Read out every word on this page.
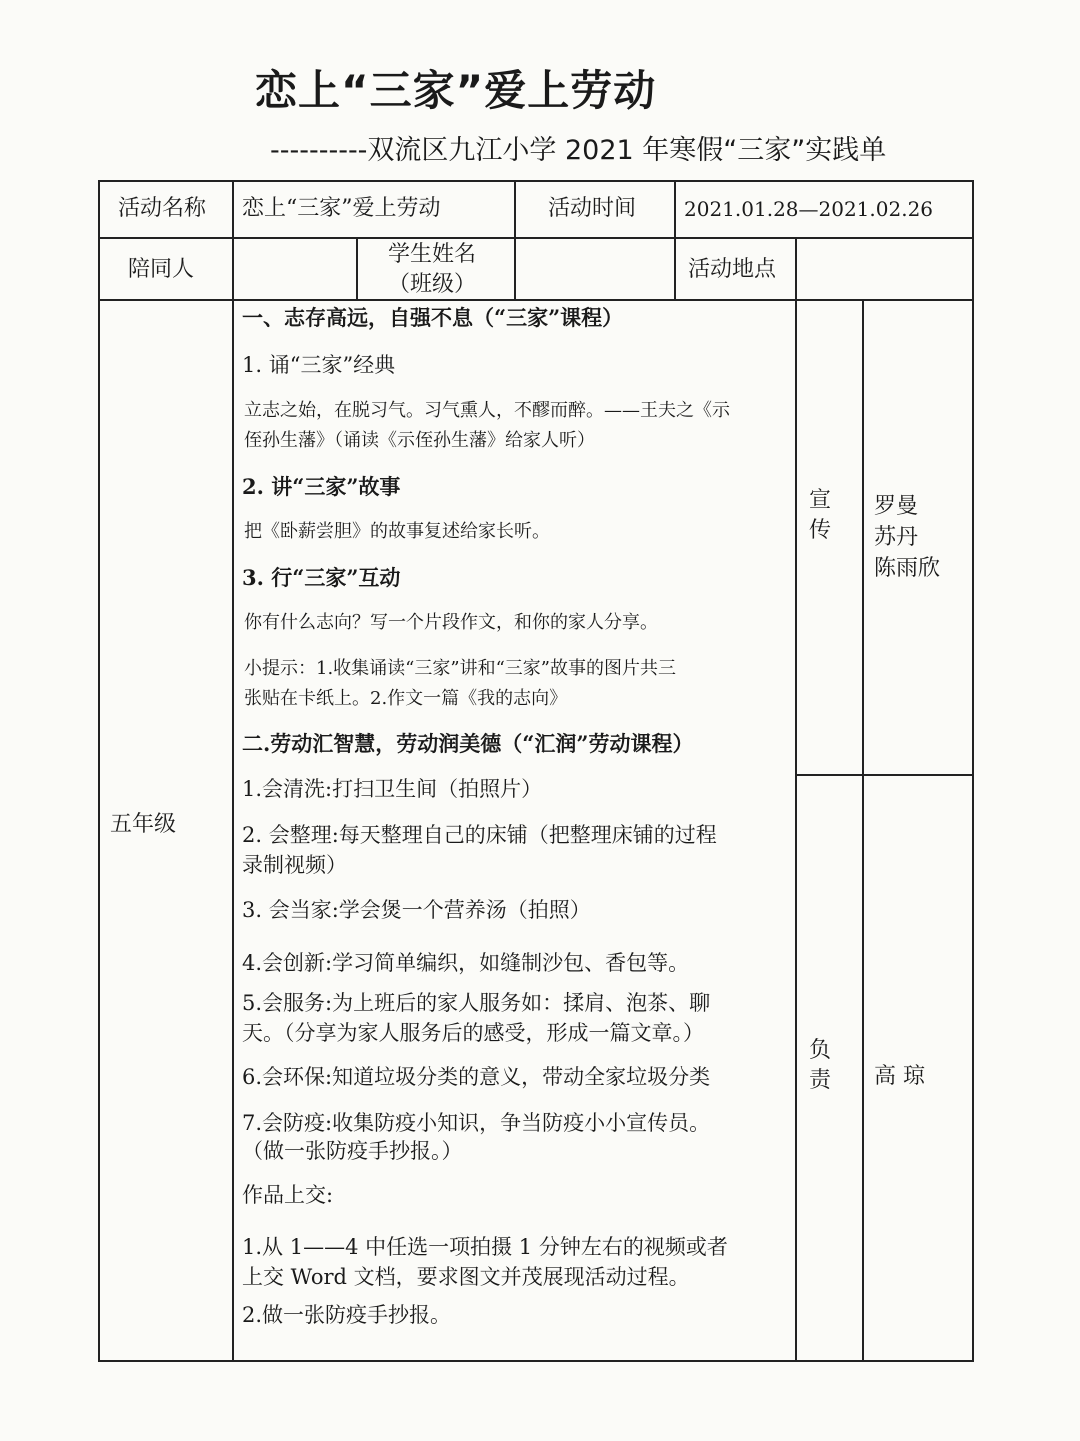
恋上“三家”爱上劳动
----------双流区九江小学 2021 年寒假“三家”实践单
活动名称 恋上“三家”爱上劳动	活动时间 2021.01.28—2021.02.26
陪同人
学生姓名
（班级）
活动地点
五年级
宣
传
罗曼
苏丹
陈雨欣
负
责 高 琼
一、志存高远，自强不息（“三家”课程）
1. 诵“三家”经典
立志之始，在脱习气。习气熏人，不醪而醉。——王夫之《示
侄孙生藩》（诵读《示侄孙生藩》给家人听）
2. 讲“三家”故事
把《卧薪尝胆》的故事复述给家长听。
3. 行“三家”互动
你有什么志向？写一个片段作文，和你的家人分享。
小提示：1.收集诵读“三家”讲和“三家”故事的图片共三
张贴在卡纸上。2.作文一篇《我的志向》
二.劳动汇智慧，劳动润美德（“汇润”劳动课程）
1.会清洗:打扫卫生间（拍照片）
2. 会整理:每天整理自己的床铺（把整理床铺的过程
录制视频）
3. 会当家:学会煲一个营养汤（拍照）
4.会创新:学习简单编织，如缝制沙包、香包等。
5.会服务:为上班后的家人服务如：揉肩、泡茶、聊
天。（分享为家人服务后的感受，形成一篇文章。）
6.会环保:知道垃圾分类的意义，带动全家垃圾分类
7.会防疫:收集防疫小知识，争当防疫小小宣传员。
（做一张防疫手抄报。）
作品上交:
1.从 1——4 中任选一项拍摄 1 分钟左右的视频或者
上交 Word 文档，要求图文并茂展现活动过程。
2.做一张防疫手抄报。
